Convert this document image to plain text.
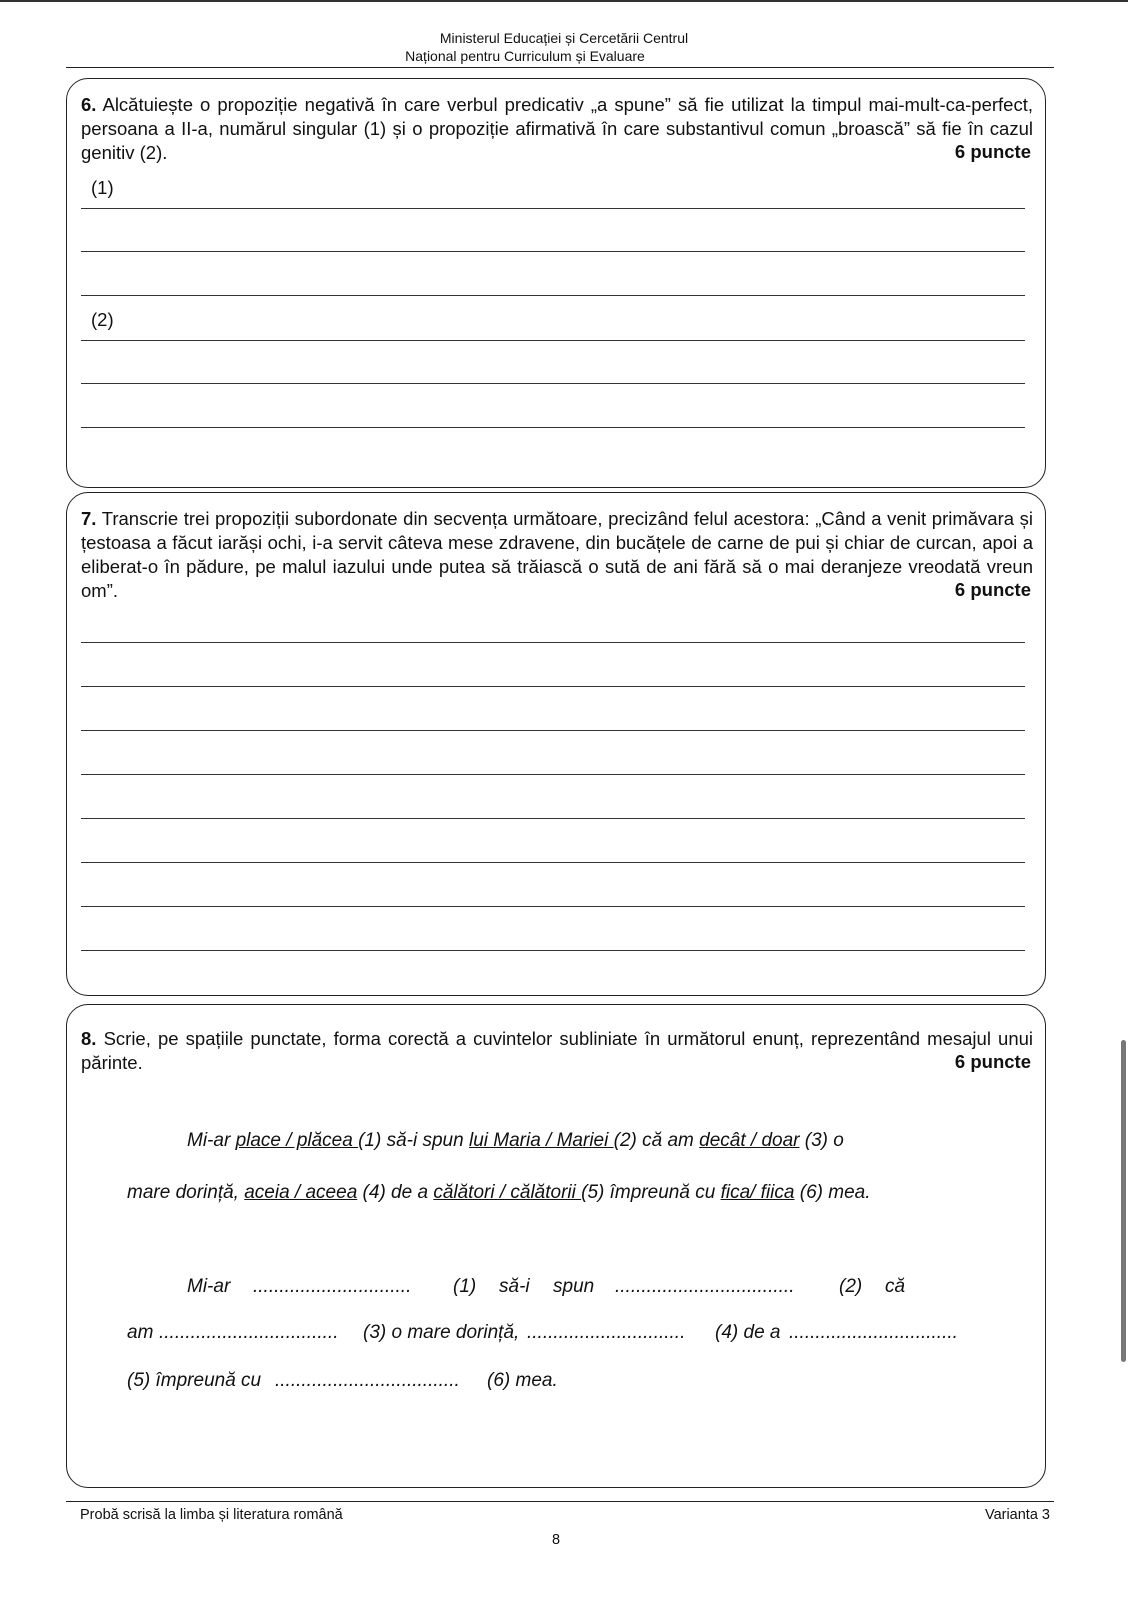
Ministerul Educației și Cercetării Centrul
Național pentru Curriculum și Evaluare
6. Alcătuiește o propoziție negativă în care verbul predicativ „a spune” să fie utilizat la timpul mai-mult-ca-perfect, persoana a II-a, numărul singular (1) și o propoziție afirmativă în care substantivul comun „broască” să fie în cazul genitiv (2).	6 puncte
(1)
(2)
7. Transcrie trei propoziții subordonate din secvența următoare, precizând felul acestora: „Când a venit primăvara și țestoasa a făcut iarăși ochi, i-a servit câteva mese zdravene, din bucățele de carne de pui și chiar de curcan, apoi a eliberat-o în pădure, pe malul iazului unde putea să trăiască o sută de ani fără să o mai deranjeze vreodată vreun om”.	6 puncte
8. Scrie, pe spațiile punctate, forma corectă a cuvintelor subliniate în următorul enunț, reprezentând mesajul unui părinte.	6 puncte
Mi-ar place / plăcea (1) să-i spun lui Maria / Mariei (2) că am decât / doar (3) o
mare dorință, aceia / aceea (4) de a călători / călătorii (5) împreună cu fica/ fiica (6) mea.
Mi-ar .............................. (1) să-i spun .................................. (2) că
am .................................. (3) o mare dorință, .............................. (4) de a ................................
(5) împreună cu ................................... (6) mea.
Probă scrisă la limba și literatura română	Varianta 3
8
